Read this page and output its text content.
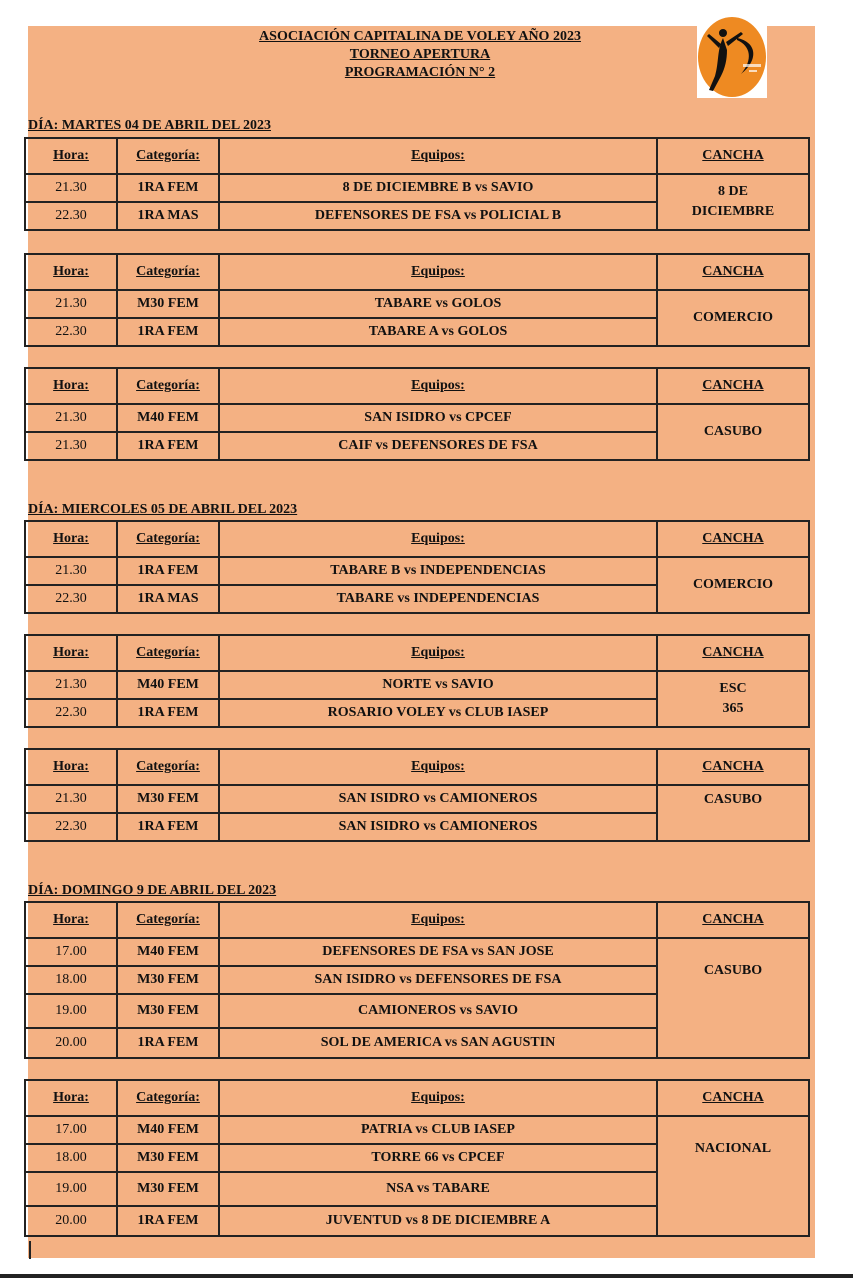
ASOCIACIÓN CAPITALINA DE VOLEY AÑO 2023
TORNEO APERTURA
PROGRAMACIÓN N° 2
DÍA: MARTES 04 DE ABRIL DEL 2023
DÍA: MIERCOLES 05 DE ABRIL DEL 2023
DÍA: DOMINGO 9 DE ABRIL DEL 2023
Hora:	Categoría:	Equipos:	CANCHA
21.30	1RA FEM	8 DE DICIEMBRE B vs SAVIO	8 DE
DICIEMBRE

22.30	1RA MAS	DEFENSORES DE FSA vs POLICIAL B	
Hora:	Categoría:	Equipos:	CANCHA
21.30	M30 FEM	TABARE vs GOLOS	COMERCIO
22.30	1RA FEM	TABARE A vs GOLOS	
Hora:	Categoría:	Equipos:	CANCHA
21.30	M40 FEM	SAN ISIDRO vs CPCEF	CASUBO
21.30	1RA FEM	CAIF vs DEFENSORES DE FSA	
Hora:	Categoría:	Equipos:	CANCHA
21.30	1RA FEM	TABARE B vs INDEPENDENCIAS	COMERCIO
22.30	1RA MAS	TABARE vs INDEPENDENCIAS	
Hora:	Categoría:	Equipos:	CANCHA
21.30	M40 FEM	NORTE vs SAVIO	ESC
365

22.30	1RA FEM	ROSARIO VOLEY vs CLUB IASEP	
Hora:	Categoría:	Equipos:	CANCHA
21.30	M30 FEM	SAN ISIDRO vs CAMIONEROS	CASUBO
22.30	1RA FEM	SAN ISIDRO vs CAMIONEROS	
Hora:	Categoría:	Equipos:	CANCHA
17.00	M40 FEM	DEFENSORES DE FSA vs SAN JOSE	CASUBO
18.00	M30 FEM	SAN ISIDRO vs DEFENSORES DE FSA	
19.00	M30 FEM	CAMIONEROS vs SAVIO	
20.00	1RA FEM	SOL DE AMERICA vs SAN AGUSTIN	
Hora:	Categoría:	Equipos:	CANCHA
17.00	M40 FEM	PATRIA vs CLUB IASEP	NACIONAL
18.00	M30 FEM	TORRE 66 vs CPCEF	
19.00	M30 FEM	NSA vs TABARE	
20.00	1RA FEM	JUVENTUD vs 8 DE DICIEMBRE A	
